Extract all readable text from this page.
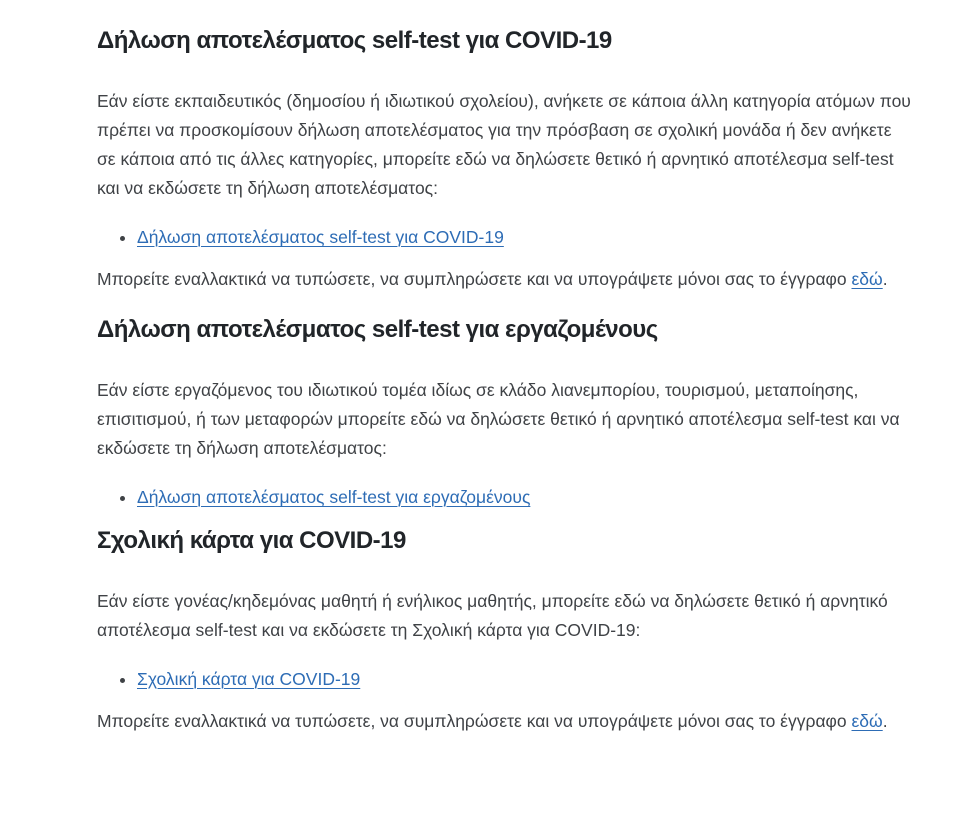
Δήλωση αποτελέσματος self-test για COVID-19

Εάν είστε εκπαιδευτικός (δημοσίου ή ιδιωτικού σχολείου), ανήκετε σε κάποια άλλη κατηγορία ατόμων που πρέπει να προσκομίσουν δήλωση αποτελέσματος για την πρόσβαση σε σχολική μονάδα ή δεν ανήκετε σε κάποια από τις άλλες κατηγορίες, μπορείτε εδώ να δηλώσετε θετικό ή αρνητικό αποτέλεσμα self-test και να εκδώσετε τη δήλωση αποτελέσματος:

• Δήλωση αποτελέσματος self-test για COVID-19

Μπορείτε εναλλακτικά να τυπώσετε, να συμπληρώσετε και να υπογράψετε μόνοι σας το έγγραφο εδώ.

Δήλωση αποτελέσματος self-test για εργαζομένους

Εάν είστε εργαζόμενος του ιδιωτικού τομέα ιδίως σε κλάδο λιανεμπορίου, τουρισμού, μεταποίησης, επισιτισμού, ή των μεταφορών μπορείτε εδώ να δηλώσετε θετικό ή αρνητικό αποτέλεσμα self-test και να εκδώσετε τη δήλωση αποτελέσματος:

• Δήλωση αποτελέσματος self-test για εργαζομένους
Σχολική κάρτα για COVID-19

Εάν είστε γονέας/κηδεμόνας μαθητή ή ενήλικος μαθητής, μπορείτε εδώ να δηλώσετε θετικό ή αρνητικό αποτέλεσμα self-test και να εκδώσετε τη Σχολική κάρτα για COVID-19:

• Σχολική κάρτα για COVID-19

Μπορείτε εναλλακτικά να τυπώσετε, να συμπληρώσετε και να υπογράψετε μόνοι σας το έγγραφο εδώ.
